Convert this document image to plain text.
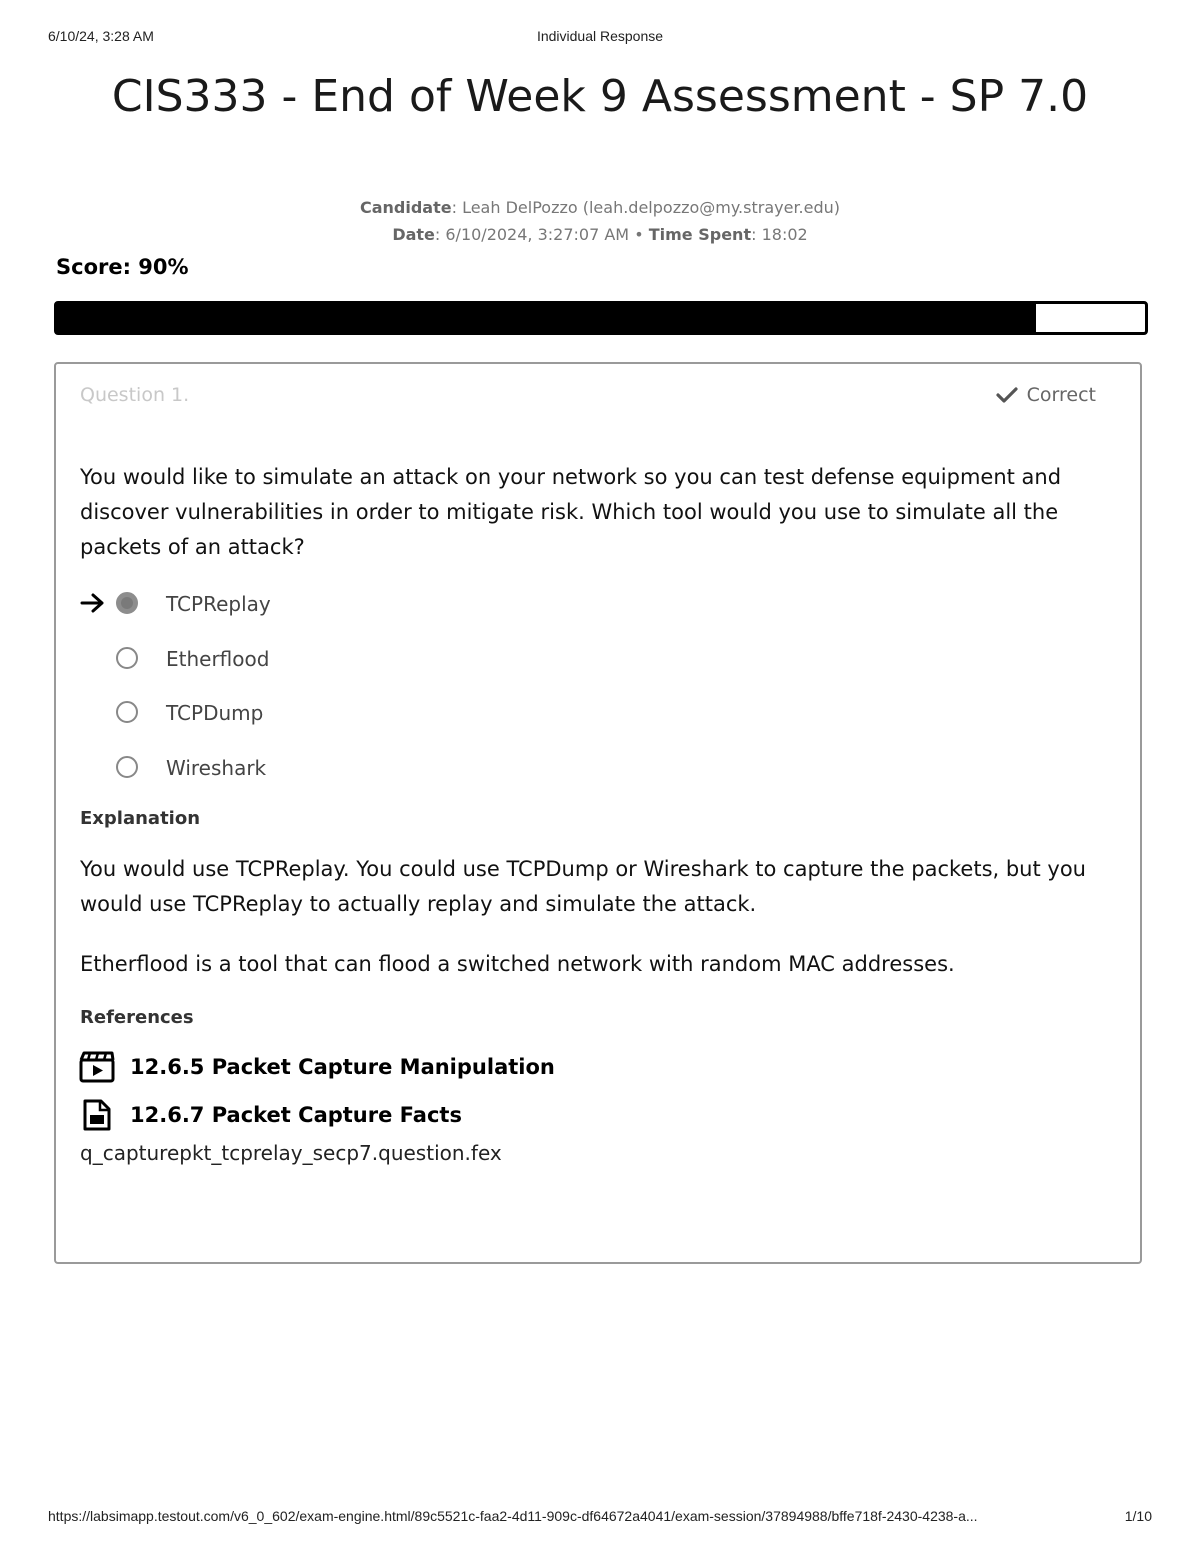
6/10/24, 3:28 AM	Individual Response
CIS333 - End of Week 9 Assessment - SP 7.0
Candidate: Leah DelPozzo (leah.delpozzo@my.strayer.edu)
Date: 6/10/2024, 3:27:07 AM • Time Spent: 18:02
Score: 90%
Question 1.	Correct

You would like to simulate an attack on your network so you can test defense equipment and discover vulnerabilities in order to mitigate risk. Which tool would you use to simulate all the packets of an attack?

TCPReplay
Etherflood
TCPDump
Wireshark
Explanation

You would use TCPReplay. You could use TCPDump or Wireshark to capture the packets, but you would use TCPReplay to actually replay and simulate the attack.

Etherflood is a tool that can flood a switched network with random MAC addresses.

References
12.6.5 Packet Capture Manipulation
12.6.7 Packet Capture Facts
q_capturepkt_tcprelay_secp7.question.fex
https://labsimapp.testout.com/v6_0_602/exam-engine.html/89c5521c-faa2-4d11-909c-df64672a4041/exam-session/37894988/bffe718f-2430-4238-a...	1/10
